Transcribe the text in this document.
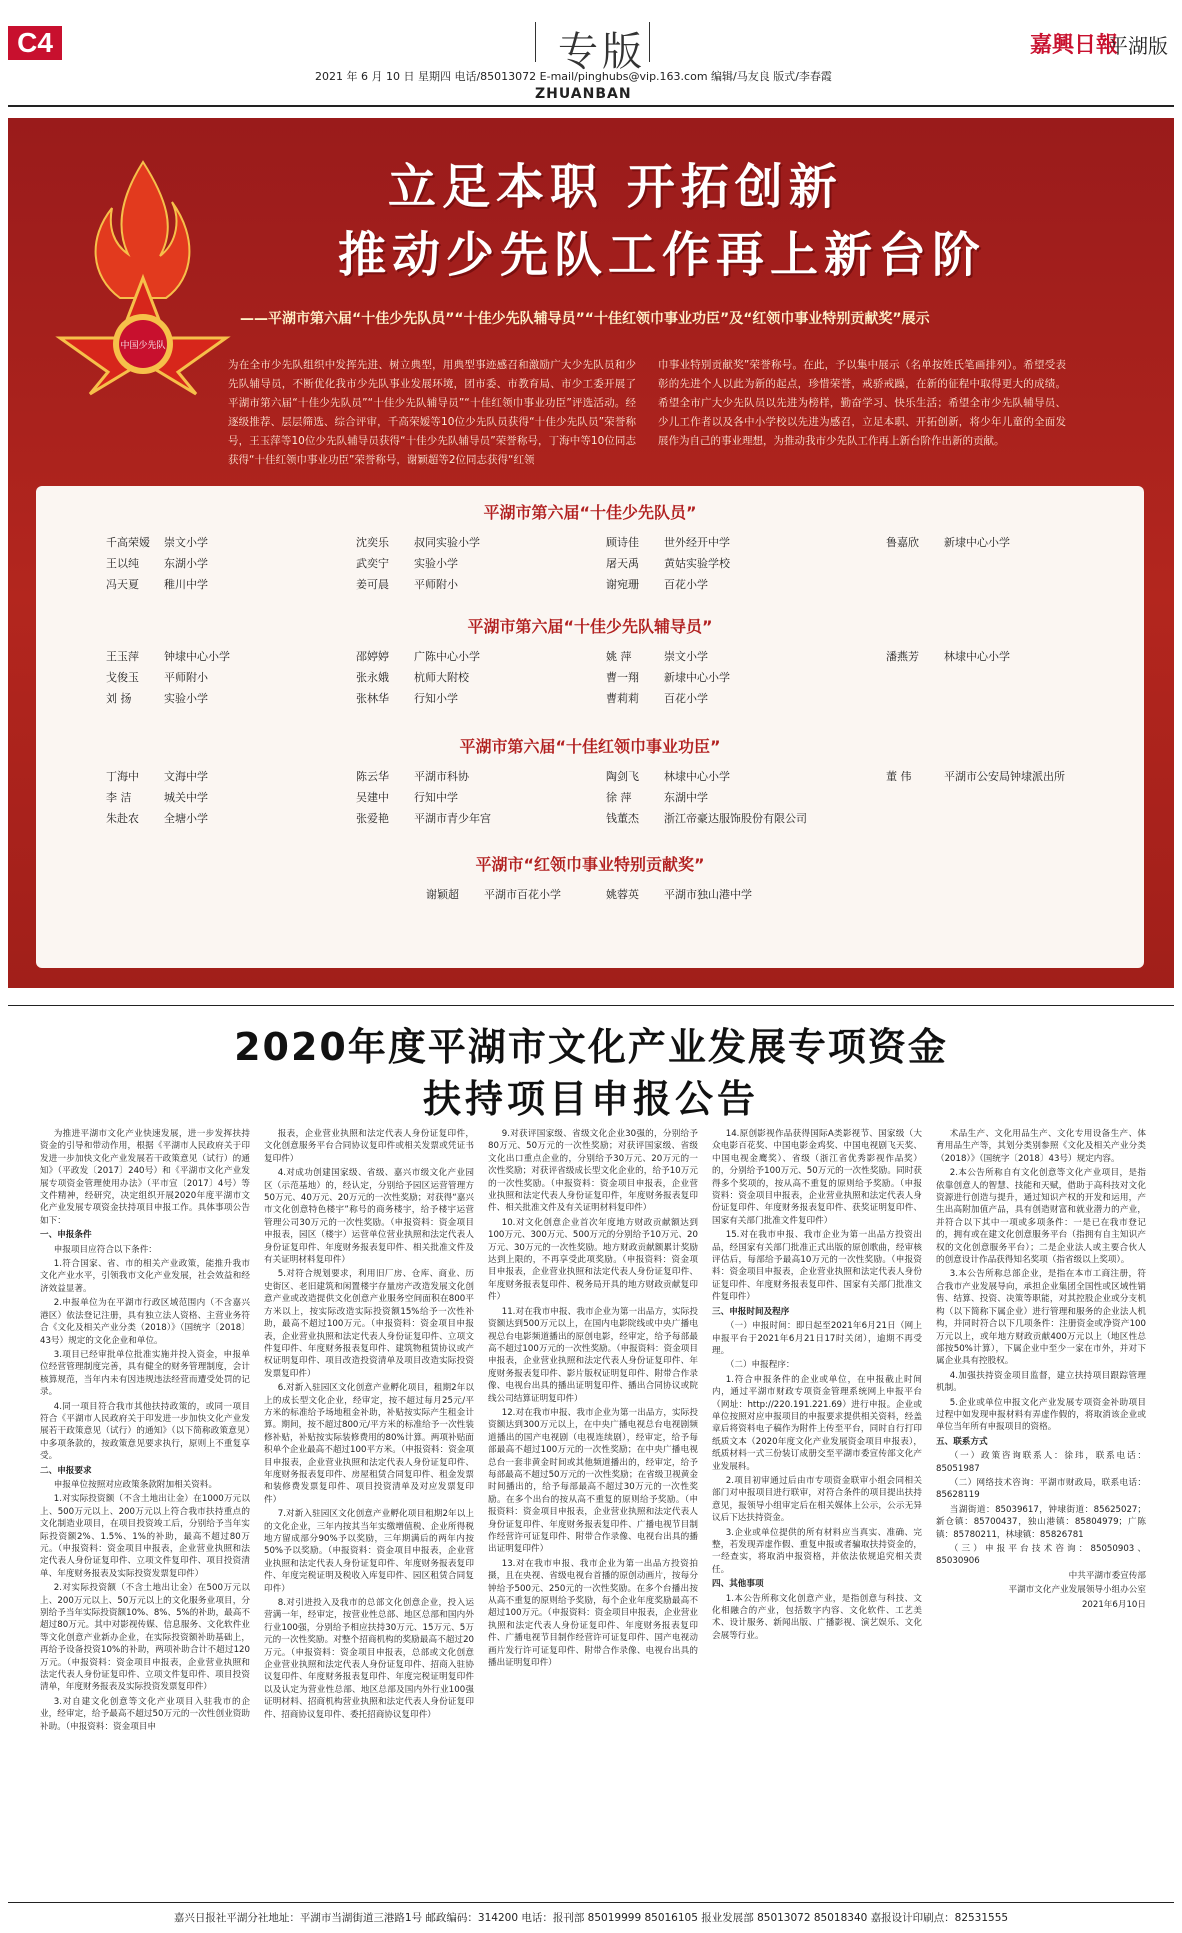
C4	专版
2021 年 6 月 10 日 星期四 电话/85013072 E-mail/pinghubs@vip.163.com 编辑/马友良 版式/李春霞
嘉興日報
平湖版
ZHUANBAN
中国少先队
立足本职 开拓创新
推动少先队工作再上新台阶
——平湖市第六届“十佳少先队员”“十佳少先队辅导员”“十佳红领巾事业功臣”及“红领巾事业特别贡献奖”展示
为在全市少先队组织中发挥先进、树立典型，用典型事迹感召和激励广大少先队员和少先队辅导员，不断优化我市少先队事业发展环境，团市委、市教育局、市少工委开展了平湖市第六届“十佳少先队员”“十佳少先队辅导员”“十佳红领巾事业功臣”评选活动。经逐级推荐、层层筛选、综合评审，千高荣嫒等10位少先队员获得“十佳少先队员”荣誉称号，王玉萍等10位少先队辅导员获得“十佳少先队辅导员”荣誉称号，丁海中等10位同志获得“十佳红领巾事业功臣”荣誉称号，谢颖超等2位同志获得“红领
巾事业特别贡献奖”荣誉称号。在此，予以集中展示（名单按姓氏笔画排列）。希望受表彰的先进个人以此为新的起点，珍惜荣誉，戒骄戒躁，在新的征程中取得更大的成绩。希望全市广大少先队员以先进为榜样，勤奋学习、快乐生活；希望全市少先队辅导员、少儿工作者以及各中小学校以先进为感召，立足本职、开拓创新，将少年儿童的全面发展作为自己的事业理想，为推动我市少先队工作再上新台阶作出新的贡献。
平湖市第六届“十佳少先队员”
千高荣嫒 崇文小学	沈奕乐 叔同实验小学	顾诗佳 世外经开中学	鲁嘉欣 新埭中心小学
王以纯 东湖小学	武奕宁 实验小学	屠天禹 黄姑实验学校
冯天夏 稚川中学	姜可晨 平师附小	谢宛珊 百花小学
平湖市第六届“十佳少先队辅导员”
王玉萍 钟埭中心小学	邵婷婷 广陈中心小学	姚 萍	崇文小学	潘燕芳 林埭中心小学
戈俊玉 平师附小	张永娥 杭师大附校	曹一翔 新埭中心小学
刘 扬	实验小学	张林华 行知小学	曹莉莉 百花小学
平湖市第六届“十佳红领巾事业功臣”
丁海中 文海中学	陈云华 平湖市科协	陶剑飞 林埭中心小学	董 伟	平湖市公安局钟埭派出所
李 洁	城关中学	吴建中 行知中学	徐 萍	东湖中学
朱赴农 全塘小学	张爱艳 平湖市青少年宫	钱董杰 浙江帝豪达服饰股份有限公司
平湖市“红领巾事业特别贡献奖”
谢颖超 平湖市百花小学	姚蓉英 平湖市独山港中学
2020年度平湖市文化产业发展专项资金
扶持项目申报公告

为推进平湖市文化产业快速发展，进一步发挥扶持资金的引导和带动作用，根据《平湖市人民政府关于印发进一步加快文化产业发展若干政策意见（试行）的通知》（平政发〔2017〕240号）和《平湖市文化产业发展专项资金管理使用办法》（平市宣〔2017〕4号）等文件精神，经研究，决定组织开展2020年度平湖市文化产业发展专项资金扶持项目申报工作。具体事项公告如下：

一、申报条件

申报项目应符合以下条件：

1.符合国家、省、市的相关产业政策，能推升我市文化产业水平，引领我市文化产业发展，社会效益和经济效益显著。

2.申报单位为在平湖市行政区域范围内（不含嘉兴港区）依法登记注册，具有独立法人资格、主营业务符合《文化及相关产业分类（2018）》（国统字〔2018〕43号）规定的文化企业和单位。

3.项目已经审批单位批准实施并投入资金，申报单位经营管理制度完善，具有健全的财务管理制度，会计核算规范，当年内未有因违规违法经营而遭受处罚的记录。

4.同一项目符合我市其他扶持政策的，或同一项目符合《平湖市人民政府关于印发进一步加快文化产业发展若干政策意见（试行）的通知》（以下简称政策意见）中多项条款的，按政策意见要求执行，原则上不重复享受。

二、申报要求

申报单位按照对应政策条款附加相关资料。

1.对实际投资额（不含土地出让金）在1000万元以上、500万元以上、200万元以上符合我市扶持重点的文化制造业项目，在项目投资竣工后，分别给予当年实际投资额2%、1.5%、1%的补助，最高不超过80万元。（申报资料：资金项目申报表，企业营业执照和法定代表人身份证复印件、立项文件复印件、项目投资清单、年度财务报表及实际投资发票复印件）

2.对实际投资额（不含土地出让金）在500万元以上、200万元以上、50万元以上的文化服务业项目，分别给予当年实际投资额10%、8%、5%的补助，最高不超过80万元。其中对影视传媒、信息服务、文化软件业等文化创意产业新办企业，在实际投资额补助基础上，再给予设备投资10%的补助，两项补助合计不超过120万元。（申报资料：资金项目申报表，企业营业执照和法定代表人身份证复印件、立项文件复印件、项目投资清单，年度财务报表及实际投资发票复印件）

3.对自建文化创意等文化产业项目入驻我市的企业，经审定，给予最高不超过50万元的一次性创业资助补助。（申报资料：资金项目申

报表，企业营业执照和法定代表人身份证复印件，文化创意服务平台合同协议复印件或相关发票或凭证书复印件）

4.对成功创建国家级、省级、嘉兴市级文化产业园区（示范基地）的，经认定，分别给予园区运营管理方50万元、40万元、20万元的一次性奖励；对获得“嘉兴市文化创意特色楼宇”称号的商务楼宇，给予楼宇运营管理公司30万元的一次性奖励。（申报资料：资金项目申报表，园区（楼宇）运营单位营业执照和法定代表人身份证复印件、年度财务报表复印件、相关批准文件及有关证明材料复印件）

5.对符合规划要求，利用旧厂房、仓库、商业、历史街区、老旧建筑和闲置楼宇存量房产改造发展文化创意产业或改造提供文化创意产业服务空间面积在800平方米以上，按实际改造实际投资额15%给予一次性补助，最高不超过100万元。（申报资料：资金项目申报表，企业营业执照和法定代表人身份证复印件、立项文件复印件、年度财务报表复印件、建筑物租赁协议或产权证明复印件、项目改造投资清单及项目改造实际投资发票复印件）

6.对新入驻园区文化创意产业孵化项目，租期2年以上的成长型文化企业，经审定，按不超过每月25元/平方米的标准给予场地租金补助，补贴按实际产生租金计算。期间，按不超过800元/平方米的标准给予一次性装修补贴，补贴按实际装修费用的80%计算。两项补贴面积单个企业最高不超过100平方米。（申报资料：资金项目申报表，企业营业执照和法定代表人身份证复印件、年度财务报表复印件、房屋租赁合同复印件、租金发票和装修费发票复印件、项目投资清单及对应发票复印件）

7.对新入驻园区文化创意产业孵化项目租期2年以上的文化企业，三年内按其当年实缴增值税、企业所得税地方留成部分90%予以奖励，三年期满后的两年内按50%予以奖励。（申报资料：资金项目申报表，企业营业执照和法定代表人身份证复印件、年度财务报表复印件、年度完税证明及税收入库复印件、园区租赁合同复印件）

8.对引进投入及我市的总部文化创意企业，投入运营满一年，经审定，按营业性总部、地区总部和国内外行业100强，分别给予相应扶持30万元、15万元、5万元的一次性奖励。对整个招商机构的奖励最高不超过20万元。（申报资料：资金项目申报表，总部或文化创意企业营业执照和法定代表人身份证复印件、招商入驻协议复印件、年度财务报表复印件、年度完税证明复印件以及认定为营业性总部、地区总部及国内外行业100强证明材料、招商机构营业执照和法定代表人身份证复印件、招商协议复印件、委托招商协议复印件）

9.对获评国家级、省级文化企业30强的，分别给予80万元、50万元的一次性奖励；对获评国家级、省级文化出口重点企业的，分别给予30万元、20万元的一次性奖励；对获评省级成长型文化企业的，给予10万元的一次性奖励。（申报资料：资金项目申报表，企业营业执照和法定代表人身份证复印件，年度财务报表复印件、相关批准文件及有关证明材料复印件）

10.对文化创意企业首次年度地方财政贡献额达到100万元、300万元、500万元的分别给予10万元、20万元、30万元的一次性奖励。地方财政贡献额累计奖励达到上限的，不再享受此项奖励。（申报资料：资金项目申报表，企业营业执照和法定代表人身份证复印件、年度财务报表复印件、税务局开具的地方财政贡献复印件）

11.对在我市申报、我市企业为第一出品方，实际投资额达到500万元以上，在国内电影院线或中央广播电视总台电影频道播出的原创电影，经审定，给予每部最高不超过100万元的一次性奖励。（申报资料：资金项目申报表，企业营业执照和法定代表人身份证复印件、年度财务报表复印件、影片版权证明复印件、附带合作录像、电视台出具的播出证明复印件、播出合同协议或院线公司结算证明复印件）

12.对在我市申报、我市企业为第一出品方，实际投资额达到300万元以上，在中央广播电视总台电视剧频道播出的国产电视剧（电视连续剧），经审定，给予每部最高不超过100万元的一次性奖励；在中央广播电视总台一套非黄金时间或其他频道播出的，经审定，给予每部最高不超过50万元的一次性奖励；在省级卫视黄金时间播出的，给予每部最高不超过30万元的一次性奖励。在多个出台的按从高不重复的原则给予奖励。（申报资料：资金项目申报表，企业营业执照和法定代表人身份证复印件、年度财务报表复印件、广播电视节目制作经营许可证复印件、附带合作录像、电视台出具的播出证明复印件）

13.对在我市申报、我市企业为第一出品方投资拍摄，且在央视、省级电视台首播的原创动画片，按每分钟给予500元、250元的一次性奖励。在多个台播出按从高不重复的原则给予奖励，每个企业年度奖励最高不超过100万元。（申报资料：资金项目申报表，企业营业执照和法定代表人身份证复印件、年度财务报表复印件、广播电视节目制作经营许可证复印件、国产电视动画片发行许可证复印件、附带合作录像、电视台出具的播出证明复印件）

14.原创影视作品获得国际A类影视节、国家级（大众电影百花奖、中国电影金鸡奖、中国电视剧飞天奖、中国电视金鹰奖）、省级（浙江省优秀影视作品奖）的，分别给予100万元、50万元的一次性奖励。同时获得多个奖项的，按从高不重复的原则给予奖励。（申报资料：资金项目申报表，企业营业执照和法定代表人身份证复印件、年度财务报表复印件、获奖证明复印件、国家有关部门批准文件复印件）

15.对在我市申报、我市企业为第一出品方投资出品，经国家有关部门批准正式出版的原创歌曲，经审核评估后，每部给予最高10万元的一次性奖励。（申报资料：资金项目申报表，企业营业执照和法定代表人身份证复印件、年度财务报表复印件、国家有关部门批准文件复印件）

三、申报时间及程序

（一）申报时间：即日起至2021年6月21日（网上申报平台于2021年6月21日17时关闭），逾期不再受理。

（二）申报程序：

1.符合申报条件的企业或单位，在申报截止时间内，通过平湖市财政专项资金管理系统网上申报平台（网址：http://220.191.221.69）进行申报。企业或单位按照对应申报项目的申报要求提供相关资料，经盖章后将资料电子稿作为附件上传至平台，同时自行打印纸质文本（2020年度文化产业发展资金项目申报表），纸质材料一式三份装订成册交至平湖市委宣传部文化产业发展科。

2.项目初审通过后由市专项资金联审小组会同相关部门对申报项目进行联审，对符合条件的项目提出扶持意见，报领导小组审定后在相关媒体上公示，公示无异议后下达扶持资金。

3.企业或单位提供的所有材料应当真实、准确、完整，若发现弄虚作假、重复申报或者骗取扶持资金的，一经查实，将取消申报资格，并依法依规追究相关责任。

四、其他事项

1.本公告所称文化创意产业，是指创意与科技、文化相融合的产业，包括数字内容、文化软件、工艺美术、设计服务、新闻出版、广播影视、演艺娱乐、文化会展等行业。

术品生产、文化用品生产、文化专用设备生产、体育用品生产等，其划分类别参照《文化及相关产业分类（2018）》（国统字〔2018〕43号）规定内容。

2.本公告所称自有文化创意等文化产业项目，是指依靠创意人的智慧、技能和天赋，借助于高科技对文化资源进行创造与提升，通过知识产权的开发和运用，产生出高附加值产品，具有创造财富和就业潜力的产业，并符合以下其中一项或多项条件：一是已在我市登记的，拥有或在建文化创意服务平台（指拥有自主知识产权的文化创意服务平台）；二是企业法人或主要合伙人的创意设计作品获得知名奖项（指省级以上奖项）。

3.本公告所称总部企业，是指在本市工商注册，符合我市产业发展导向，承担企业集团全国性或区域性销售、结算、投资、决策等职能，对其控股企业或分支机构（以下简称下属企业）进行管理和服务的企业法人机构，并同时符合以下几项条件：注册资金或净资产100万元以上，或年地方财政贡献400万元以上（地区性总部按50%计算），下属企业中至少一家在市外，并对下属企业具有控股权。

4.加强扶持资金项目监督，建立扶持项目跟踪管理机制。

5.企业或单位申报文化产业发展专项资金补助项目过程中如发现申报材料有弄虚作假的，将取消该企业或单位当年所有申报项目的资格。

五、联系方式

（一）政策咨询联系人：徐玮，联系电话：85051987

（二）网络技术咨询：平湖市财政局，联系电话：85628119

当湖街道：85039617，钟埭街道：85625027；新仓镇：85700437，独山港镇：85804979；广陈镇：85780211，林埭镇：85826781

（三）申报平台技术咨询：85050903、85030906

中共平湖市委宣传部

平湖市文化产业发展领导小组办公室

2021年6月10日

嘉兴日报社平湖分社地址：平湖市当湖街道三港路1号 邮政编码：314200 电话：报刊部 85019999 85016105 报业发展部 85013072 85018340 嘉报设计印刷点：82531555
